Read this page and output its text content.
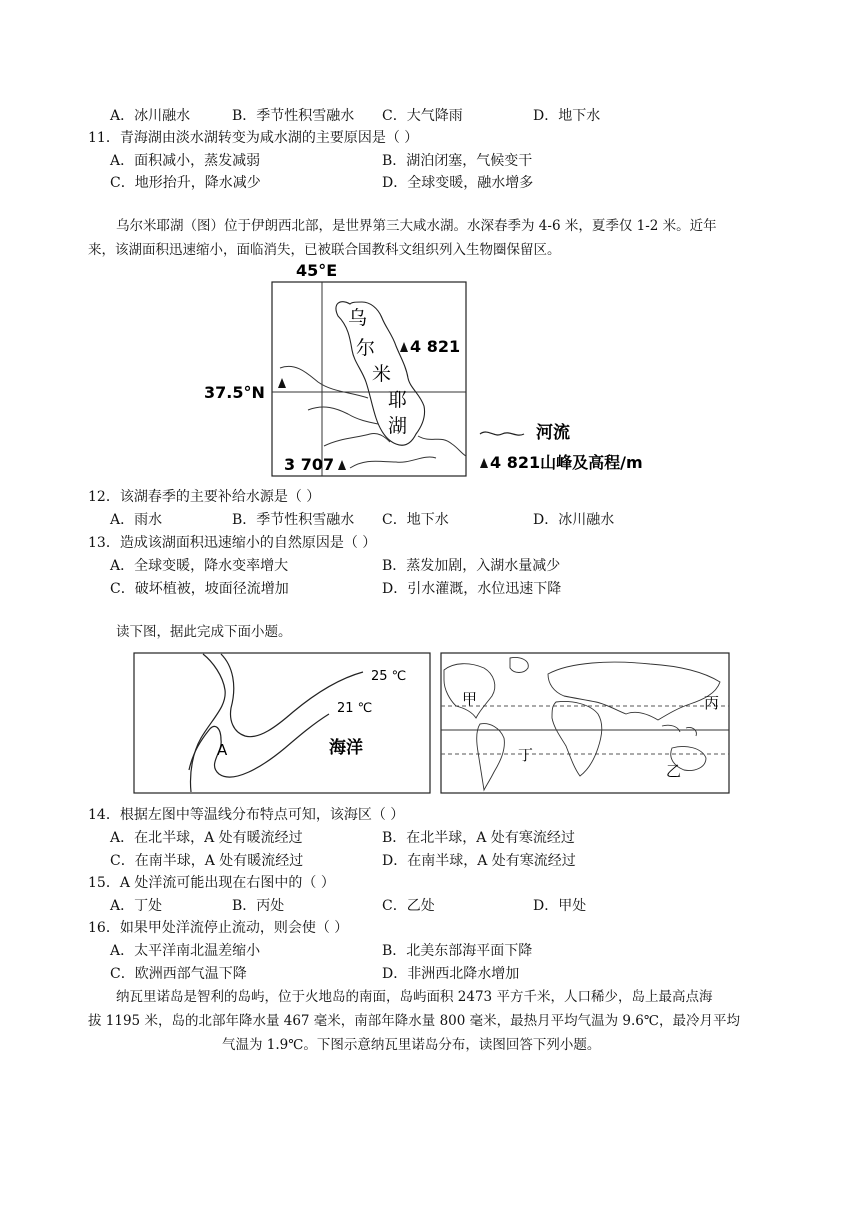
A．冰川融水	B．季节性积雪融水 C．大气降雨	D．地下水
11．青海湖由淡水湖转变为咸水湖的主要原因是（ ）
A．面积减小，蒸发减弱	B．湖泊闭塞，气候变干
C．地形抬升，降水减少	D．全球变暖，融水增多
乌尔米耶湖（图）位于伊朗西北部，是世界第三大咸水湖。水深春季为 4-6 米，夏季仅 1-2 米。近年
来，该湖面积迅速缩小，面临消失，已被联合国教科文组织列入生物圈保留区。
45°E
37.5°N
乌
尔
米
耶
湖
4 821
3 707
河流
4 821山峰及高程/m
12．该湖春季的主要补给水源是（ ）
A．雨水	B．季节性积雪融水 C．地下水	D．冰川融水
13．造成该湖面积迅速缩小的自然原因是（ ）
A．全球变暖，降水变率增大	B．蒸发加剧，入湖水量减少
C．破坏植被，坡面径流增加	D．引水灌溉，水位迅速下降
读下图，据此完成下面小题。
25 ℃
21 ℃
A	海洋
甲	丙
丁
乙
14．根据左图中等温线分布特点可知，该海区（ ）
A．在北半球，A 处有暖流经过	B．在北半球，A 处有寒流经过
C．在南半球，A 处有暖流经过	D．在南半球，A 处有寒流经过
15．A 处洋流可能出现在右图中的（ ）
A．丁处	B．丙处	C．乙处	D．甲处
16．如果甲处洋流停止流动，则会使（ ）
A．太平洋南北温差缩小	B．北美东部海平面下降
C．欧洲西部气温下降	D．非洲西北降水增加
纳瓦里诺岛是智利的岛屿，位于火地岛的南面，岛屿面积 2473 平方千米，人口稀少，岛上最高点海
拔 1195 米，岛的北部年降水量 467 毫米，南部年降水量 800 毫米，最热月平均气温为 9.6℃，最冷月平均
气温为 1.9℃。下图示意纳瓦里诺岛分布，读图回答下列小题。
